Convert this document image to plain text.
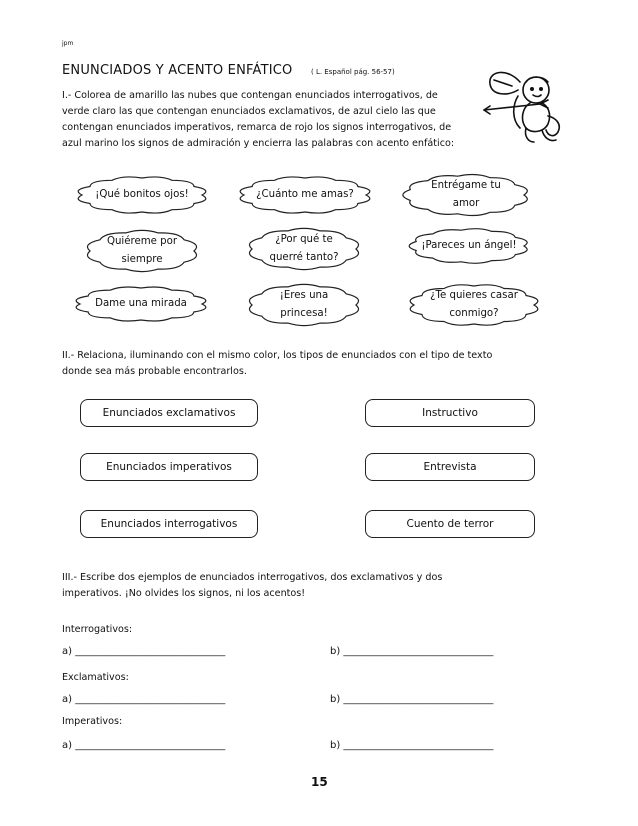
jpm
ENUNCIADOS Y ACENTO ENFÁTICO	( L. Español pág. 56-57)
I.- Colorea de amarillo las nubes que contengan enunciados interrogativos, de
verde claro las que contengan enunciados exclamativos, de azul cielo las que
contengan enunciados imperativos, remarca de rojo los signos interrogativos, de
azul marino los signos de admiración y encierra las palabras con acento enfático:
¡Qué bonitos ojos!	¿Cuánto me amas?
Entrégame tu
amor
Quiéreme por
siempre
¿Por qué te
querré tanto?
¡Pareces un ángel!
Dame una mirada
¡Eres una
princesa!
¿Te quieres casar
conmigo?
II.- Relaciona, iluminando con el mismo color, los tipos de enunciados con el tipo de texto
donde sea más probable encontrarlos.
Enunciados exclamativos
Enunciados imperativos
Enunciados interrogativos
Instructivo
Entrevista
Cuento de terror
III.- Escribe dos ejemplos de enunciados interrogativos, dos exclamativos y dos
imperativos. ¡No olvides los signos, ni los acentos!
Interrogativos:
a) ______________________________	b) ______________________________
Exclamativos:
a) ______________________________	b) ______________________________
Imperativos:
a) ______________________________	b) ______________________________
15
